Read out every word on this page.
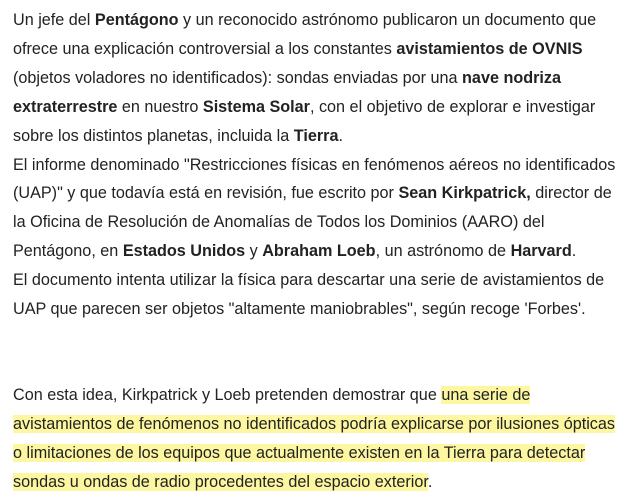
Un jefe del Pentágono y un reconocido astrónomo publicaron un documento que ofrece una explicación controversial a los constantes avistamientos de OVNIS (objetos voladores no identificados): sondas enviadas por una nave nodriza extraterrestre en nuestro Sistema Solar, con el objetivo de explorar e investigar sobre los distintos planetas, incluida la Tierra.

El informe denominado "Restricciones físicas en fenómenos aéreos no identificados (UAP)" y que todavía está en revisión, fue escrito por Sean Kirkpatrick, director de la Oficina de Resolución de Anomalías de Todos los Dominios (AARO) del Pentágono, en Estados Unidos y Abraham Loeb, un astrónomo de Harvard.

El documento intenta utilizar la física para descartar una serie de avistamientos de UAP que parecen ser objetos "altamente maniobrables", según recoge 'Forbes'.

Con esta idea, Kirkpatrick y Loeb pretenden demostrar que una serie de avistamientos de fenómenos no identificados podría explicarse por ilusiones ópticas o limitaciones de los equipos que actualmente existen en la Tierra para detectar sondas u ondas de radio procedentes del espacio exterior.
